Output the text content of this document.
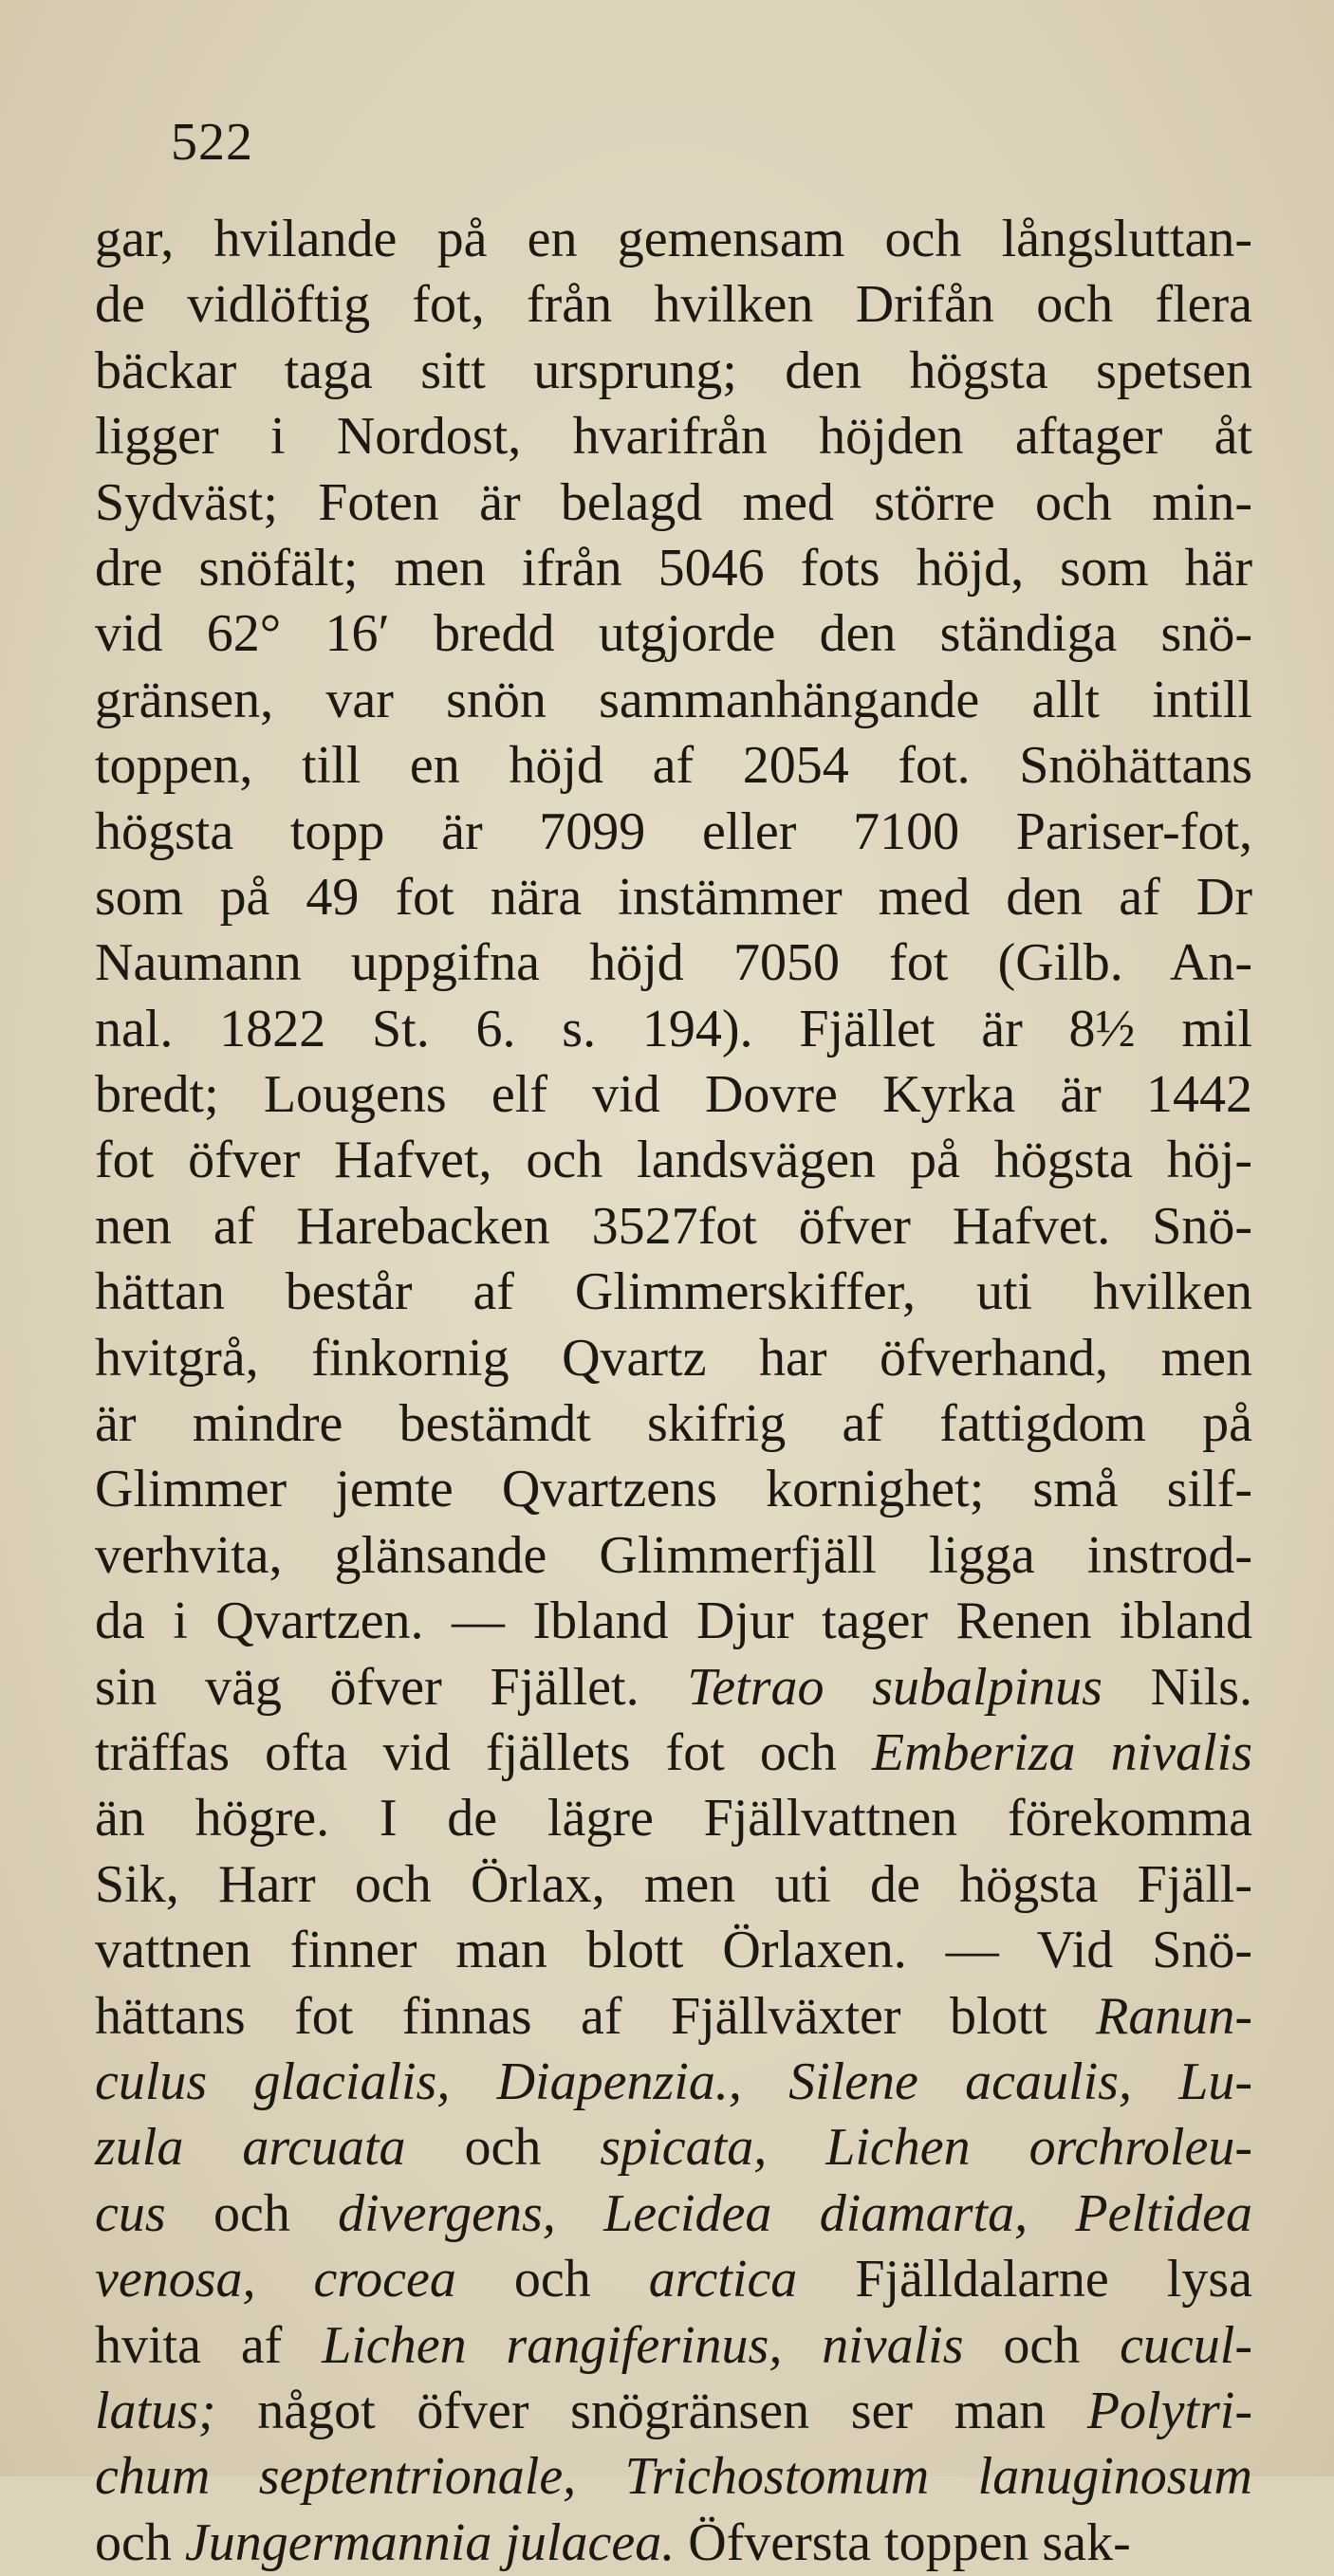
522
gar, hvilande på en gemensam och långsluttan-
de vidlöftig fot, från hvilken Drifån och flera
bäckar taga sitt ursprung; den högsta spetsen
ligger i Nordost, hvarifrån höjden aftager åt
Sydväst; Foten är belagd med större och min-
dre snöfält; men ifrån 5046 fots höjd, som här
vid 62° 16′ bredd utgjorde den ständiga snö-
gränsen, var snön sammanhängande allt intill
toppen, till en höjd af 2054 fot. Snöhättans
högsta topp är 7099 eller 7100 Pariser-fot,
som på 49 fot nära instämmer med den af Dr
Naumann uppgifna höjd 7050 fot (Gilb. An-
nal. 1822 St. 6. s. 194). Fjället är 8½ mil
bredt; Lougens elf vid Dovre Kyrka är 1442
fot öfver Hafvet, och landsvägen på högsta höj-
nen af Harebacken 3527fot öfver Hafvet. Snö-
hättan består af Glimmerskiffer, uti hvilken
hvitgrå, finkornig Qvartz har öfverhand, men
är mindre bestämdt skifrig af fattigdom på
Glimmer jemte Qvartzens kornighet; små silf-
verhvita, glänsande Glimmerfjäll ligga instrod-
da i Qvartzen. — Ibland Djur tager Renen ibland
sin väg öfver Fjället. Tetrao subalpinus Nils.
träffas ofta vid fjällets fot och Emberiza nivalis
än högre. I de lägre Fjällvattnen förekomma
Sik, Harr och Örlax, men uti de högsta Fjäll-
vattnen finner man blott Örlaxen. — Vid Snö-
hättans fot finnas af Fjällväxter blott Ranun-
culus glacialis, Diapenzia., Silene acaulis, Lu-
zula arcuata och spicata, Lichen orchroleu-
cus och divergens, Lecidea diamarta, Peltidea
venosa, crocea och arctica Fjälldalarne lysa
hvita af Lichen rangiferinus, nivalis och cucul-
latus; något öfver snögränsen ser man Polytri-
chum septentrionale, Trichostomum lanuginosum
och Jungermannia julacea. Öfversta toppen sak-
